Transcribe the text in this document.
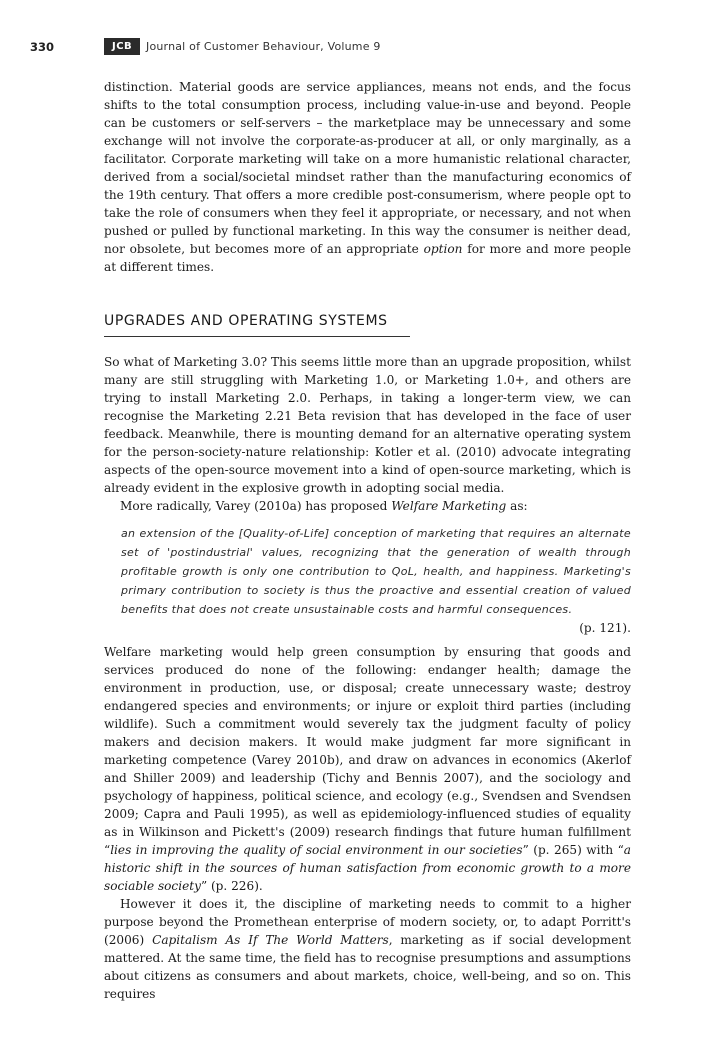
330	JCB	Journal of Customer Behaviour, Volume 9

distinction. Material goods are service appliances, means not ends, and the focus shifts to the total consumption process, including value-in-use and beyond. People can be customers or self-servers – the marketplace may be unnecessary and some exchange will not involve the corporate-as-producer at all, or only marginally, as a facilitator. Corporate marketing will take on a more humanistic relational character, derived from a social/societal mindset rather than the manufacturing economics of the 19th century. That offers a more credible post-consumerism, where people opt to take the role of consumers when they feel it appropriate, or necessary, and not when pushed or pulled by functional marketing. In this way the consumer is neither dead, nor obsolete, but becomes more of an appropriate option for more and more people at different times.

UPGRADES AND OPERATING SYSTEMS

So what of Marketing 3.0? This seems little more than an upgrade proposition, whilst many are still struggling with Marketing 1.0, or Marketing 1.0+, and others are trying to install Marketing 2.0. Perhaps, in taking a longer-term view, we can recognise the Marketing 2.21 Beta revision that has developed in the face of user feedback. Meanwhile, there is mounting demand for an alternative operating system for the person-society-nature relationship: Kotler et al. (2010) advocate integrating aspects of the open-source movement into a kind of open-source marketing, which is already evident in the explosive growth in adopting social media.

More radically, Varey (2010a) has proposed Welfare Marketing as:

an extension of the [Quality-of-Life] conception of marketing that requires an alternate set of 'postindustrial' values, recognizing that the generation of wealth through profitable growth is only one contribution to QoL, health, and happiness. Marketing's primary contribution to society is thus the proactive and essential creation of valued benefits that does not create unsustainable costs and harmful consequences.

(p. 121).

Welfare marketing would help green consumption by ensuring that goods and services produced do none of the following: endanger health; damage the environment in production, use, or disposal; create unnecessary waste; destroy endangered species and environments; or injure or exploit third parties (including wildlife). Such a commitment would severely tax the judgment faculty of policy makers and decision makers. It would make judgment far more significant in marketing competence (Varey 2010b), and draw on advances in economics (Akerlof and Shiller 2009) and leadership (Tichy and Bennis 2007), and the sociology and psychology of happiness, political science, and ecology (e.g., Svendsen and Svendsen 2009; Capra and Pauli 1995), as well as epidemiology-influenced studies of equality as in Wilkinson and Pickett's (2009) research findings that future human fulfillment “lies in improving the quality of social environment in our societies” (p. 265) with “a historic shift in the sources of human satisfaction from economic growth to a more sociable society” (p. 226).

However it does it, the discipline of marketing needs to commit to a higher purpose beyond the Promethean enterprise of modern society, or, to adapt Porritt's (2006) Capitalism As If The World Matters, marketing as if social development mattered. At the same time, the field has to recognise presumptions and assumptions about citizens as consumers and about markets, choice, well-being, and so on. This requires
